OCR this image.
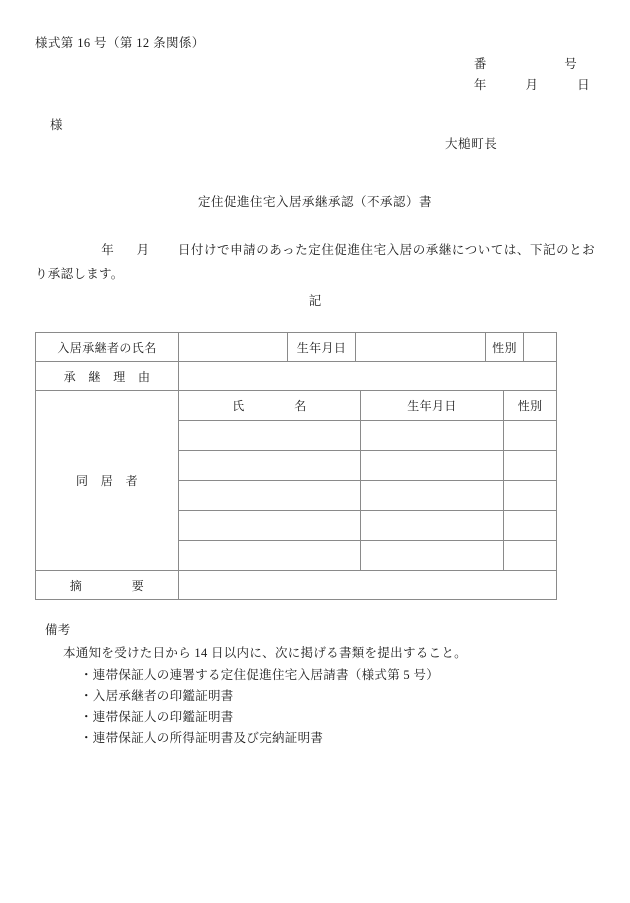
様式第 16 号（第 12 条関係）
番　　　　　　号
年　　　月　　　日
様
大槌町長
定住促進住宅入居承継承認（不承認）書
年 月 日付けで申請のあった定住促進住宅入居の承継については、下記のとおり承認します。
記
入居承継者の氏名		生年月日		性別	
承　継　理　由	
同　居　者	
氏　　　　名	生年月日	性別

摘　　　　要	

備考

本通知を受けた日から 14 日以内に、次に掲げる書類を提出すること。

・連帯保証人の連署する定住促進住宅入居請書（様式第 5 号）
・入居承継者の印鑑証明書
・連帯保証人の印鑑証明書
・連帯保証人の所得証明書及び完納証明書
